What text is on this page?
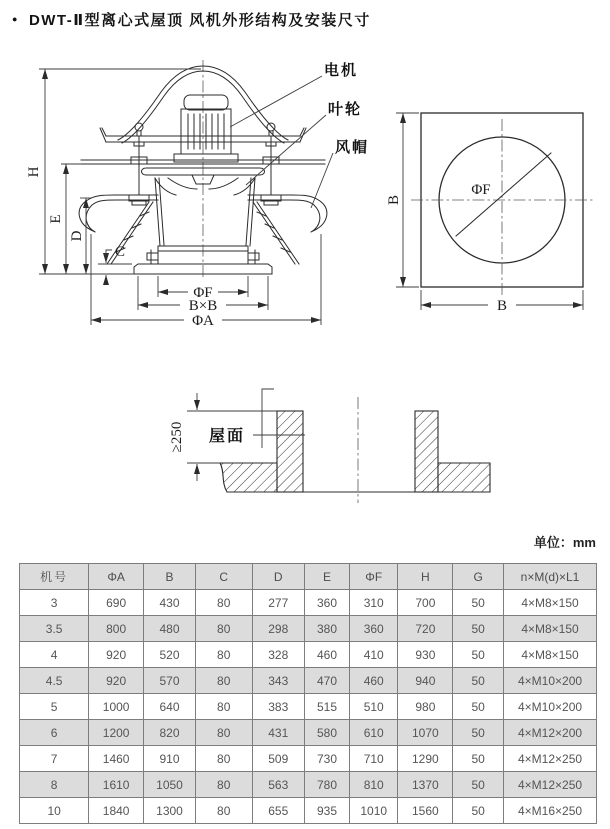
● DWT-Ⅱ型离心式屋顶 风机外形结构及安装尺寸
H
E
D
C
ΦF
B×B
ΦA
电机
叶轮
风帽
ΦF
B
B
≥250 屋面
单位：mm
机号	ΦA	B	C	D	E	ΦF	H	G	n×M(d)×L1
3	690	430	80	277	360	310	700	50	4×M8×150
3.5	800	480	80	298	380	360	720	50	4×M8×150
4	920	520	80	328	460	410	930	50	4×M8×150
4.5	920	570	80	343	470	460	940	50	4×M10×200
5	1000	640	80	383	515	510	980	50	4×M10×200
6	1200	820	80	431	580	610	1070	50	4×M12×200
7	1460	910	80	509	730	710	1290	50	4×M12×250
8	1610	1050	80	563	780	810	1370	50	4×M12×250
10	1840	1300	80	655	935	1010	1560	50	4×M16×250
